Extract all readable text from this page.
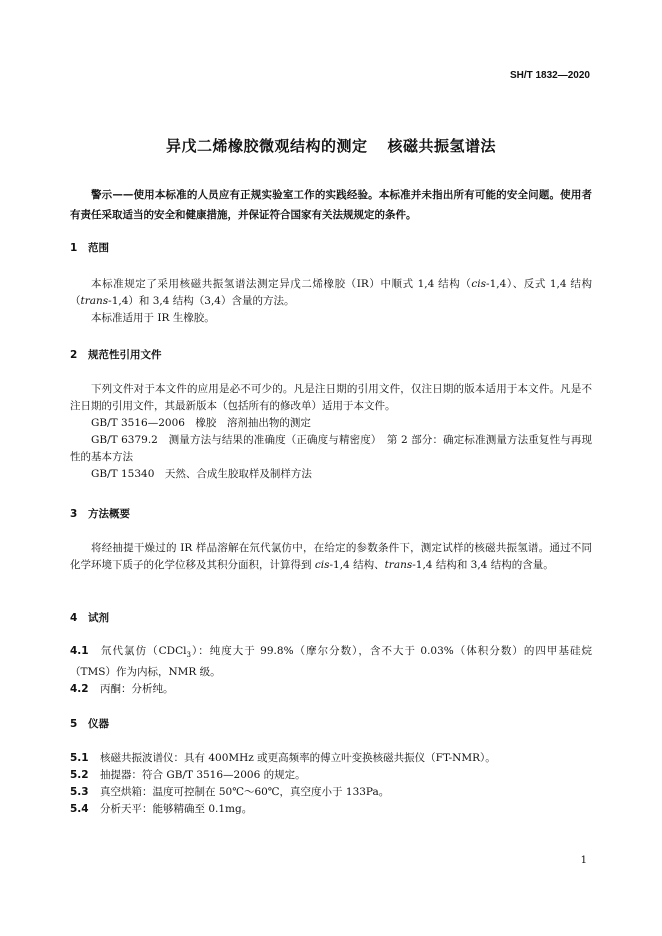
SH/T 1832—2020
异戊二烯橡胶微观结构的测定 核磁共振氢谱法

警示——使用本标准的人员应有正规实验室工作的实践经验。本标准并未指出所有可能的安全问题。使用者有责任采取适当的安全和健康措施，并保证符合国家有关法规规定的条件。

1 范围

本标准规定了采用核磁共振氢谱法测定异戊二烯橡胶（IR）中顺式 1,4 结构（cis-1,4）、反式 1,4 结构（trans-1,4）和 3,4 结构（3,4）含量的方法。

本标准适用于 IR 生橡胶。

2 规范性引用文件

下列文件对于本文件的应用是必不可少的。凡是注日期的引用文件，仅注日期的版本适用于本文件。凡是不注日期的引用文件，其最新版本（包括所有的修改单）适用于本文件。

GB/T 3516—2006　橡胶　溶剂抽出物的测定

GB/T 6379.2　测量方法与结果的准确度（正确度与精密度）　第 2 部分：确定标准测量方法重复性与再现性的基本方法

GB/T 15340　天然、合成生胶取样及制样方法

3 方法概要

将经抽提干燥过的 IR 样品溶解在氘代氯仿中，在给定的参数条件下，测定试样的核磁共振氢谱。通过不同化学环境下质子的化学位移及其积分面积，计算得到 cis-1,4 结构、trans-1,4 结构和 3,4 结构的含量。

4 试剂

4.1 氘代氯仿（CDCl$_3$）：纯度大于 99.8%（摩尔分数），含不大于 0.03%（体积分数）的四甲基硅烷（TMS）作为内标，NMR 级。

4.2 丙酮：分析纯。

5 仪器

5.1 核磁共振波谱仪：具有 400MHz 或更高频率的傅立叶变换核磁共振仪（FT-NMR）。

5.2 抽提器：符合 GB/T 3516—2006 的规定。

5.3 真空烘箱：温度可控制在 50℃～60℃，真空度小于 133Pa。

5.4 分析天平：能够精确至 0.1mg。

1
